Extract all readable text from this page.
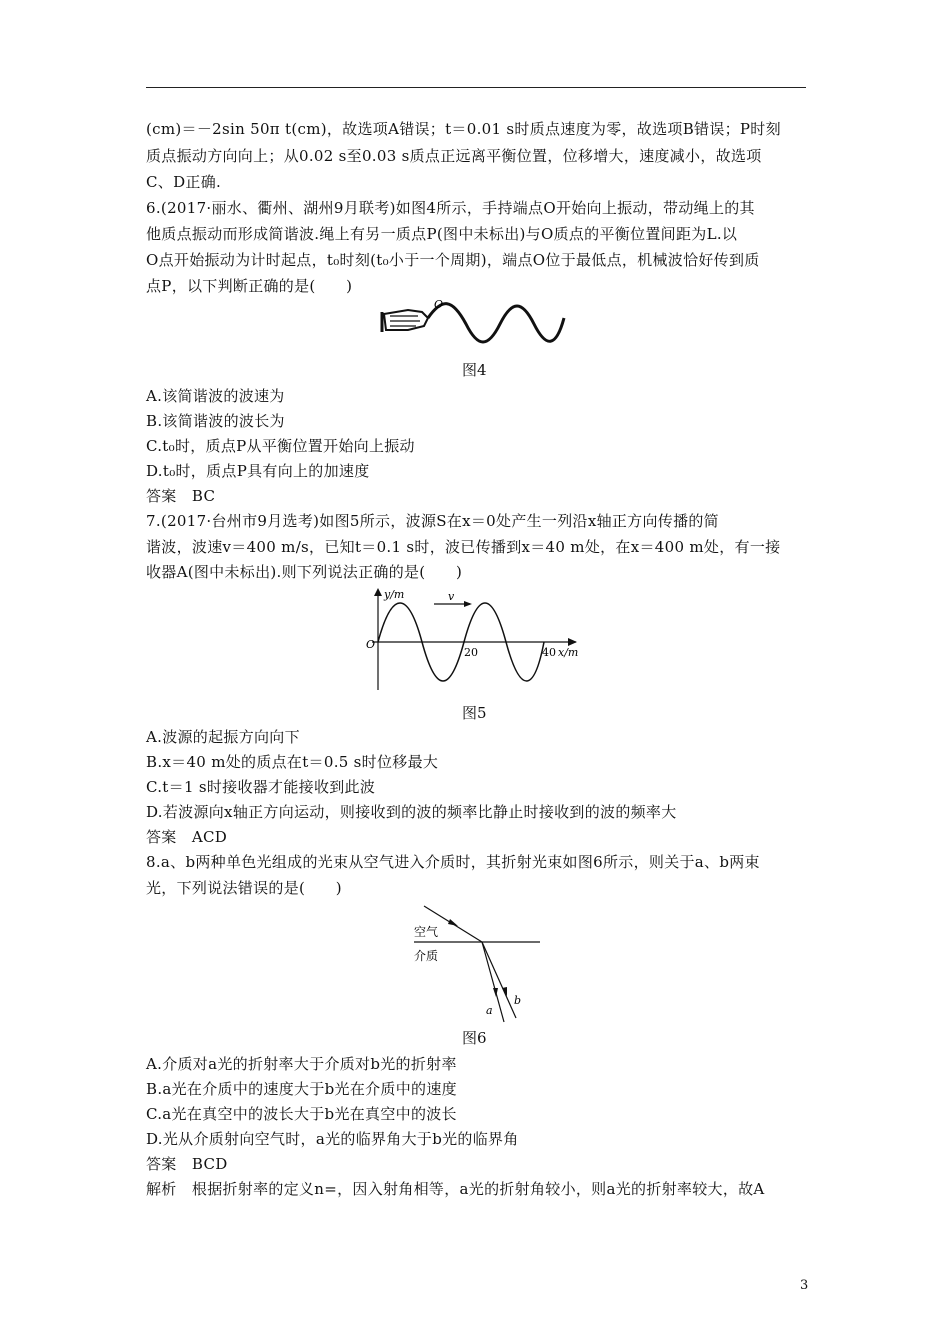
(cm)＝－2sin 50π t(cm)，故选项A错误；t＝0.01 s时质点速度为零，故选项B错误；P时刻
质点振动方向向上；从0.02 s至0.03 s质点正远离平衡位置，位移增大，速度减小，故选项
C、D正确.
6.(2017·丽水、衢州、湖州9月联考)如图4所示，手持端点O开始向上振动，带动绳上的其
他质点振动而形成简谐波.绳上有另一质点P(图中未标出)与O质点的平衡位置间距为L.以
O点开始振动为计时起点，t₀时刻(t₀小于一个周期)，端点O位于最低点，机械波恰好传到质
点P，以下判断正确的是(　　)
O
图4
A.该简谐波的波速为
B.该简谐波的波长为
C.t₀时，质点P从平衡位置开始向上振动
D.t₀时，质点P具有向上的加速度
答案　BC
7.(2017·台州市9月选考)如图5所示，波源S在x＝0处产生一列沿x轴正方向传播的简
谐波，波速v＝400 m/s，已知t＝0.1 s时，波已传播到x＝40 m处，在x＝400 m处，有一接
收器A(图中未标出).则下列说法正确的是(　　)
y/m	v
O
20	40 x/m
图5
A.波源的起振方向向下
B.x＝40 m处的质点在t＝0.5 s时位移最大
C.t＝1 s时接收器才能接收到此波
D.若波源向x轴正方向运动，则接收到的波的频率比静止时接收到的波的频率大
答案　ACD
8.a、b两种单色光组成的光束从空气进入介质时，其折射光束如图6所示，则关于a、b两束
光，下列说法错误的是(　　)
空气
介质
a
b
图6
A.介质对a光的折射率大于介质对b光的折射率
B.a光在介质中的速度大于b光在介质中的速度
C.a光在真空中的波长大于b光在真空中的波长
D.光从介质射向空气时，a光的临界角大于b光的临界角
答案　BCD
解析　根据折射率的定义n=，因入射角相等，a光的折射角较小，则a光的折射率较大，故A
3
